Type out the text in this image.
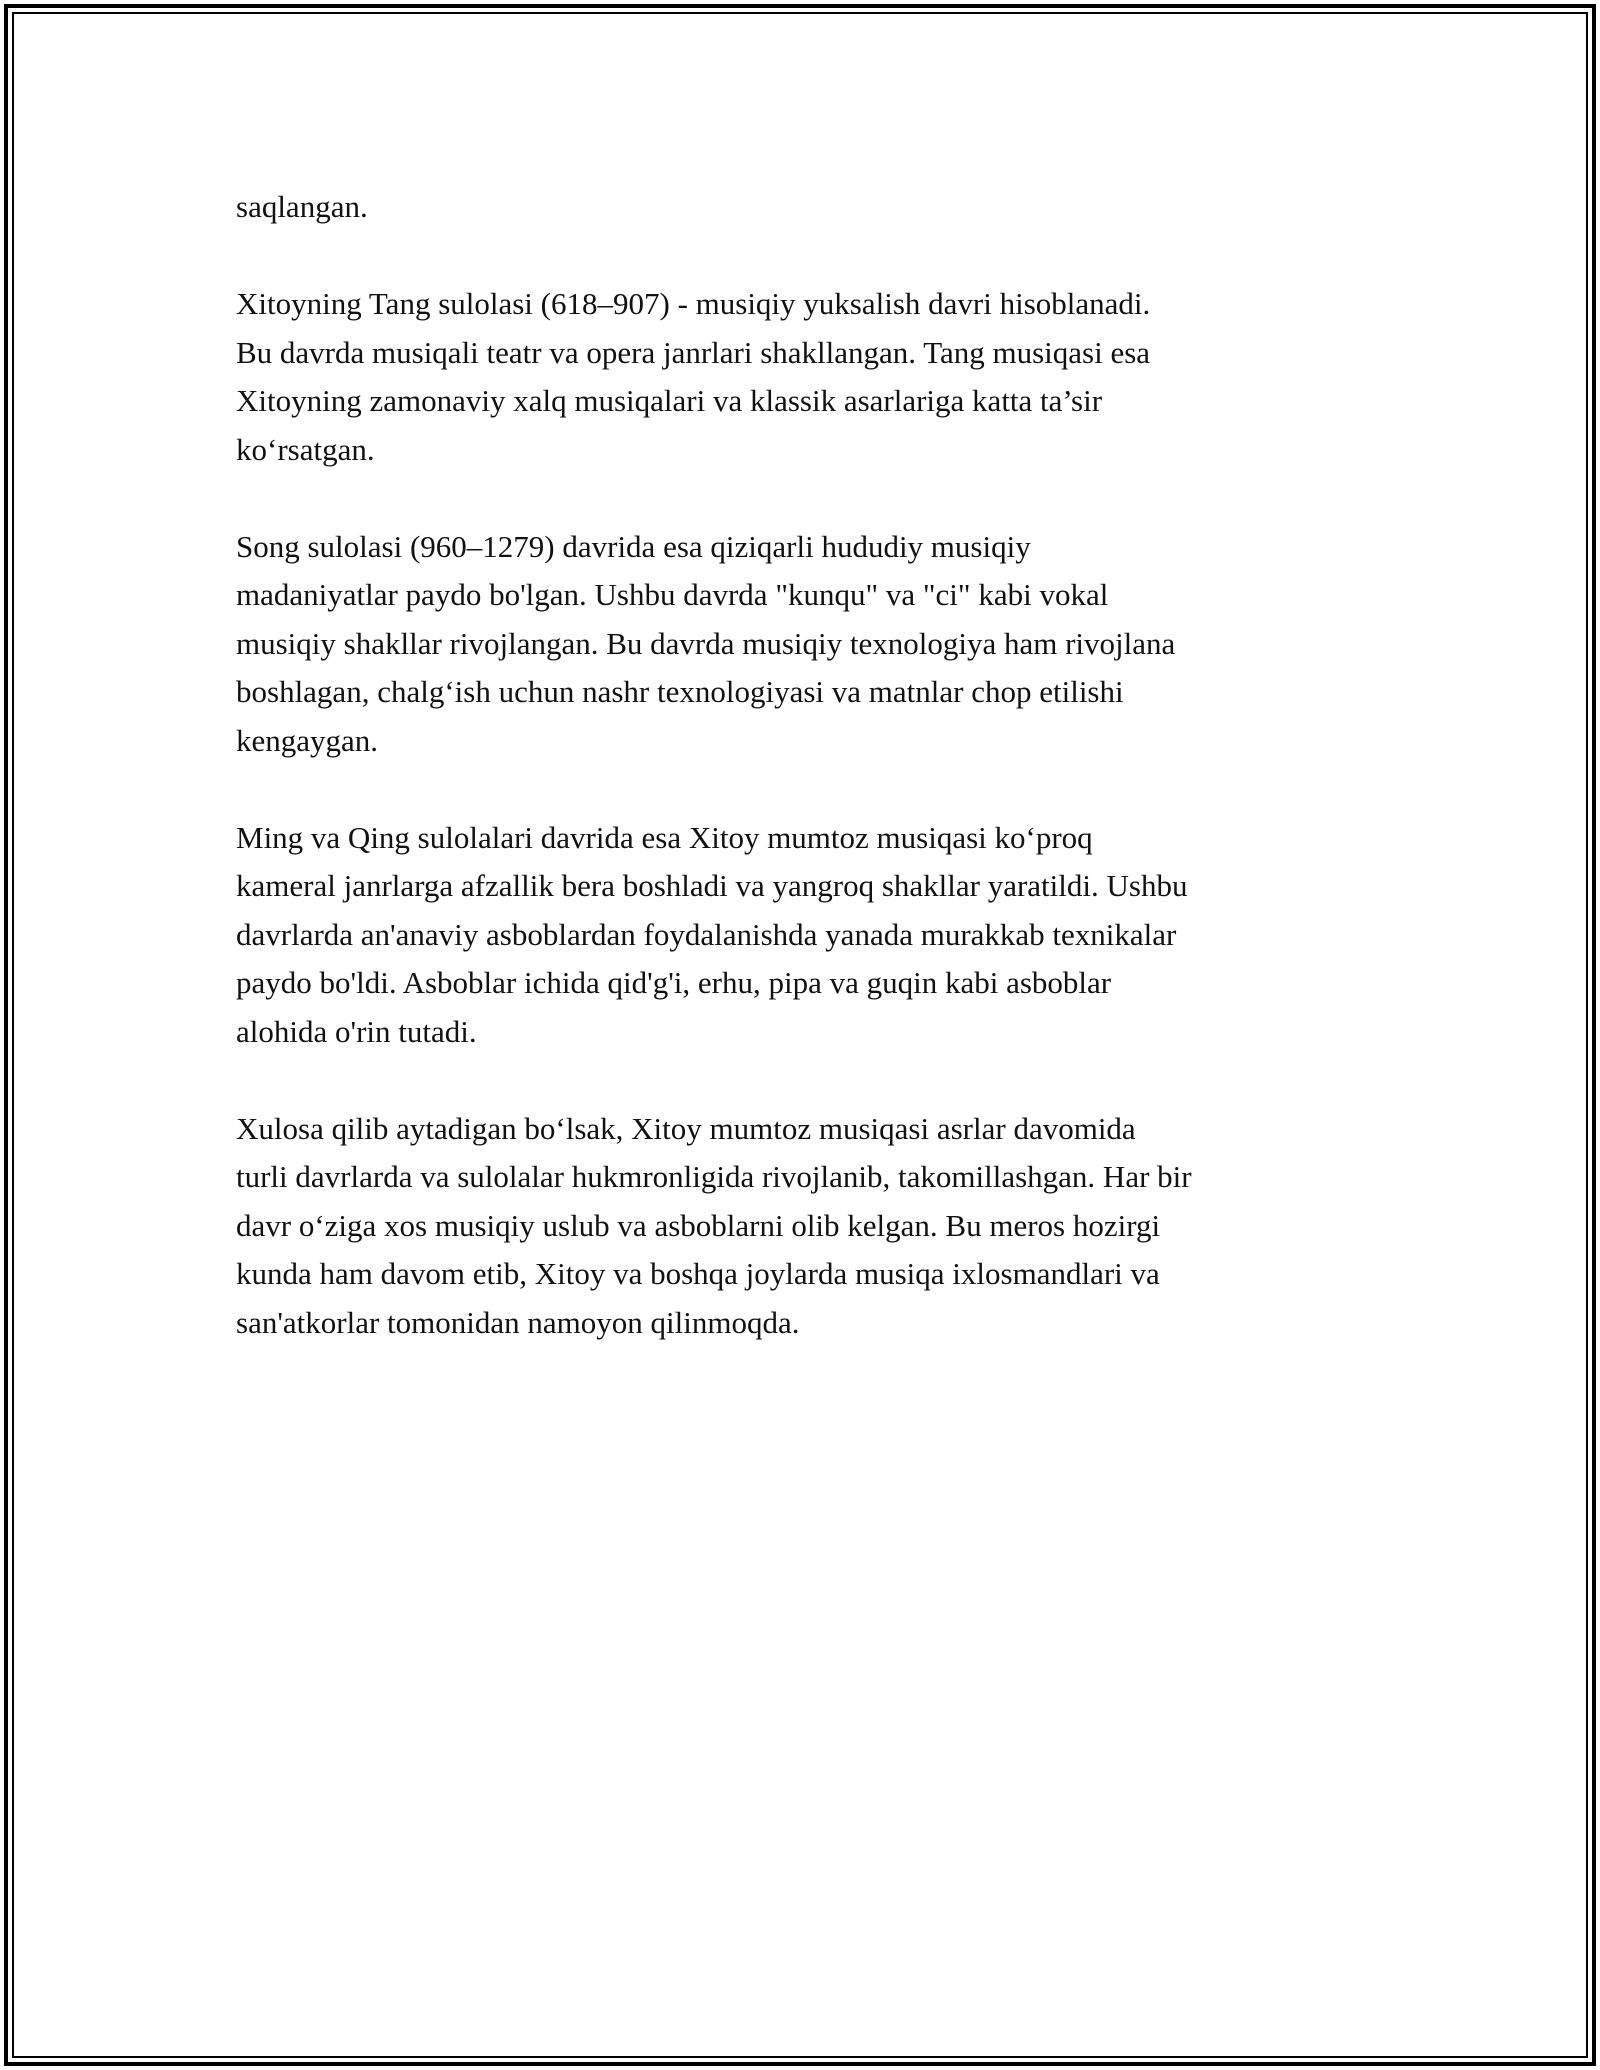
saqlangan.

Xitoyning Tang sulolasi (618–907) - musiqiy yuksalish davri hisoblanadi.
Bu davrda musiqali teatr va opera janrlari shakllangan. Tang musiqasi esa
Xitoyning zamonaviy xalq musiqalari va klassik asarlariga katta ta’sir
ko‘rsatgan.

Song sulolasi (960–1279) davrida esa qiziqarli hududiy musiqiy
madaniyatlar paydo bo'lgan. Ushbu davrda "kunqu" va "ci" kabi vokal
musiqiy shakllar rivojlangan. Bu davrda musiqiy texnologiya ham rivojlana
boshlagan, chalg‘ish uchun nashr texnologiyasi va matnlar chop etilishi
kengaygan.

Ming va Qing sulolalari davrida esa Xitoy mumtoz musiqasi ko‘proq
kameral janrlarga afzallik bera boshladi va yangroq shakllar yaratildi. Ushbu
davrlarda an'anaviy asboblardan foydalanishda yanada murakkab texnikalar
paydo bo'ldi. Asboblar ichida qid'g'i, erhu, pipa va guqin kabi asboblar
alohida o'rin tutadi.

Xulosa qilib aytadigan bo‘lsak, Xitoy mumtoz musiqasi asrlar davomida
turli davrlarda va sulolalar hukmronligida rivojlanib, takomillashgan. Har bir
davr o‘ziga xos musiqiy uslub va asboblarni olib kelgan. Bu meros hozirgi
kunda ham davom etib, Xitoy va boshqa joylarda musiqa ixlosmandlari va
san'atkorlar tomonidan namoyon qilinmoqda.
